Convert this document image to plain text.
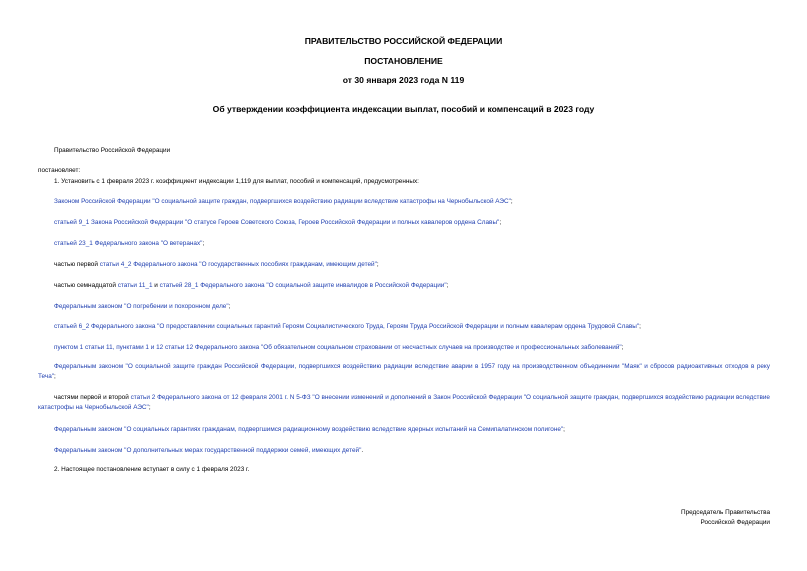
ПРАВИТЕЛЬСТВО РОССИЙСКОЙ ФЕДЕРАЦИИ
ПОСТАНОВЛЕНИЕ
от 30 января 2023 года N 119
Об утверждении коэффициента индексации выплат, пособий и компенсаций в 2023 году
Правительство Российской Федерации
постановляет:
1. Установить с 1 февраля 2023 г. коэффициент индексации 1,119 для выплат, пособий и компенсаций, предусмотренных:
Законом Российской Федерации "О социальной защите граждан, подвергшихся воздействию радиации вследствие катастрофы на Чернобыльской АЭС";
статьей 9_1 Закона Российской Федерации "О статусе Героев Советского Союза, Героев Российской Федерации и полных кавалеров ордена Славы";
статьей 23_1 Федерального закона "О ветеранах";
частью первой статьи 4_2 Федерального закона "О государственных пособиях гражданам, имеющим детей";
частью семнадцатой статьи 11_1 и статьей 28_1 Федерального закона "О социальной защите инвалидов в Российской Федерации";
Федеральным законом "О погребении и похоронном деле";
статьей 6_2 Федерального закона "О предоставлении социальных гарантий Героям Социалистического Труда, Героям Труда Российской Федерации и полным кавалерам ордена Трудовой Славы";
пунктом 1 статьи 11, пунктами 1 и 12 статьи 12 Федерального закона "Об обязательном социальном страховании от несчастных случаев на производстве и профессиональных заболеваний";
Федеральным законом "О социальной защите граждан Российской Федерации, подвергшихся воздействию радиации вследствие аварии в 1957 году на производственном объединении "Маяк" и сбросов радиоактивных отходов в реку Теча";
частями первой и второй статьи 2 Федерального закона от 12 февраля 2001 г. N 5-ФЗ "О внесении изменений и дополнений в Закон Российской Федерации "О социальной защите граждан, подвергшихся воздействию радиации вследствие катастрофы на Чернобыльской АЭС";
Федеральным законом "О социальных гарантиях гражданам, подвергшимся радиационному воздействию вследствие ядерных испытаний на Семипалатинском полигоне";
Федеральным законом "О дополнительных мерах государственной поддержки семей, имеющих детей".
2. Настоящее постановление вступает в силу с 1 февраля 2023 г.
Председатель Правительства
Российской Федерации
